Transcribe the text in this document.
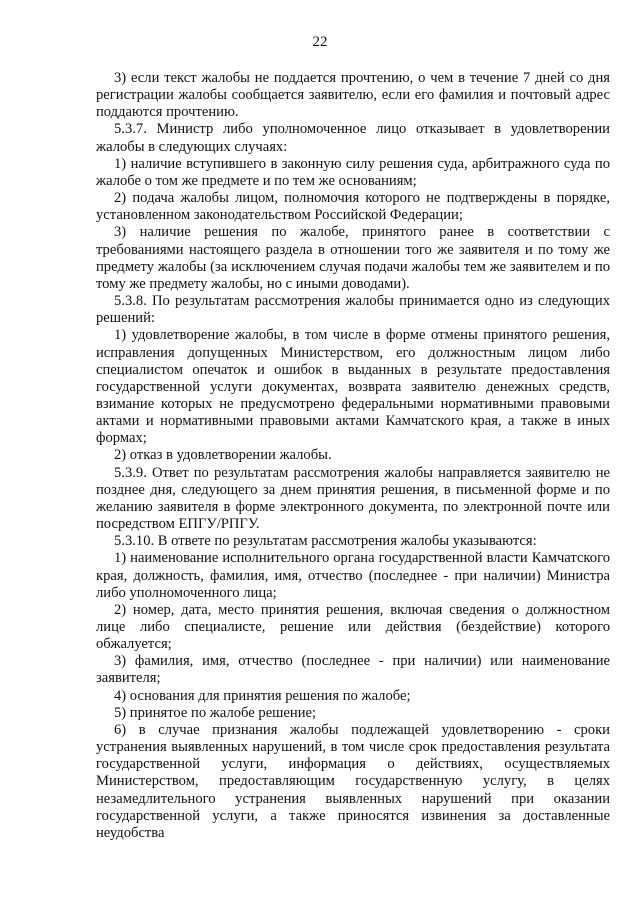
22

3) если текст жалобы не поддается прочтению, о чем в течение 7 дней со дня регистрации жалобы сообщается заявителю, если его фамилия и почтовый адрес поддаются прочтению.

5.3.7. Министр либо уполномоченное лицо отказывает в удовлетворении жалобы в следующих случаях:

1) наличие вступившего в законную силу решения суда, арбитражного суда по жалобе о том же предмете и по тем же основаниям;

2) подача жалобы лицом, полномочия которого не подтверждены в порядке, установленном законодательством Российской Федерации;

3) наличие решения по жалобе, принятого ранее в соответствии с требованиями настоящего раздела в отношении того же заявителя и по тому же предмету жалобы (за исключением случая подачи жалобы тем же заявителем и по тому же предмету жалобы, но с иными доводами).

5.3.8. По результатам рассмотрения жалобы принимается одно из следующих решений:

1) удовлетворение жалобы, в том числе в форме отмены принятого решения, исправления допущенных Министерством, его должностным лицом либо специалистом опечаток и ошибок в выданных в результате предоставления государственной услуги документах, возврата заявителю денежных средств, взимание которых не предусмотрено федеральными нормативными правовыми актами и нормативными правовыми актами Камчатского края, а также в иных формах;

2) отказ в удовлетворении жалобы.

5.3.9. Ответ по результатам рассмотрения жалобы направляется заявителю не позднее дня, следующего за днем принятия решения, в письменной форме и по желанию заявителя в форме электронного документа, по электронной почте или посредством ЕПГУ/РПГУ.

5.3.10. В ответе по результатам рассмотрения жалобы указываются:

1) наименование исполнительного органа государственной власти Камчатского края, должность, фамилия, имя, отчество (последнее - при наличии) Министра либо уполномоченного лица;

2) номер, дата, место принятия решения, включая сведения о должностном лице либо специалисте, решение или действия (бездействие) которого обжалуется;

3) фамилия, имя, отчество (последнее - при наличии) или наименование заявителя;

4) основания для принятия решения по жалобе;

5) принятое по жалобе решение;

6) в случае признания жалобы подлежащей удовлетворению - сроки устранения выявленных нарушений, в том числе срок предоставления результата государственной услуги, информация о действиях, осуществляемых Министерством, предоставляющим государственную услугу, в целях незамедлительного устранения выявленных нарушений при оказании государственной услуги, а также приносятся извинения за доставленные неудобства
